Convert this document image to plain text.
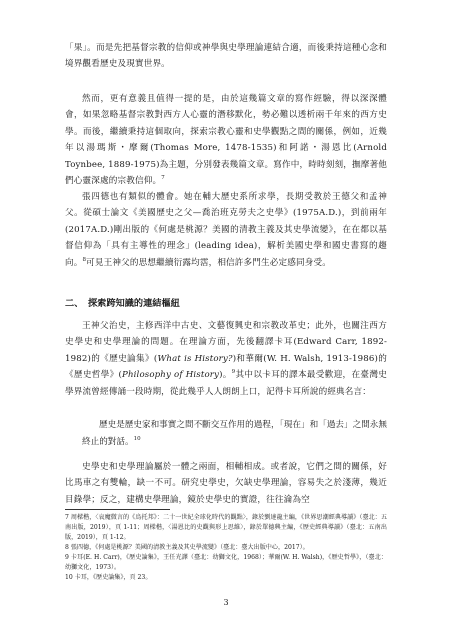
「果」。而是先把基督宗教的信仰或神學與史學理論連結合適，而後秉持這種心念和境界觀看歷史及現實世界。

然而，更有意義且值得一提的是，由於這幾篇文章的寫作經驗，得以深深體會，如果忽略基督宗教對西方人心靈的潛移默化，勢必難以透析兩千年來的西方史學。而後，繼續秉持這個取向，探索宗教心靈和史學觀點之間的關係，例如，近幾年以湯瑪斯・摩爾(Thomas More, 1478-1535)和阿諾・湯恩比(Arnold Toynbee, 1889-1975)為主題，分別發表幾篇文章。寫作中，時時刻刻，撫摩著他們心靈深處的宗教信仰。$^7$

張四德也有類似的體會。她在輔大歷史系所求學，長期受教於王德父和孟神父。從碩士論文《美國歷史之父—喬治班克勞夫之史學》(1975A.D.)，到前兩年(2017A.D.)剛出版的《何處是桃源？美國的清教主義及其史學流變》，在在都以基督信仰為「具有主導性的理念」(leading idea)，解析美國史學和國史書寫的趨向。$^8$可見王神父的思想繼續衍露均霑，相信許多門生必定感同身受。

二、　探索跨知識的連結樞紐

王神父治史，主修西洋中古史、文藝復興史和宗教改革史；此外，也關注西方史學史和史學理論的問題。在理論方面，先後翻譯卡耳(Edward Carr, 1892-1982)的《歷史論集》(What is History?)和華爾(W. H. Walsh, 1913-1986)的《歷史哲學》(Philosophy of History)。$^9$其中以卡耳的譯本最受歡迎，在臺灣史學界流曾經傳誦一段時期，從此幾乎人人朗朗上口，記得卡耳所說的經典名言：

歷史是歷史家和事實之間不斷交互作用的過程，「現在」和「過去」之間永無終止的對話。$^{10}$

史學史和史學理論屬於一體之兩面，相輔相成。或者說，它們之間的關係，好比馬車之有雙輪，缺一不可。研究史學史，欠缺史學理論，容易失之於淺薄，幾近目錄學；反之，建構史學理論，鏡於史學史的實證，往往淪為空

7 周樑楷，〈哀魔微言的《烏托邦》：二十一世紀全球化時代的觀點〉，錄於劉達龍主編，《世界思潮經典導讀》（臺北：五南出版，2019），頁 1-11；周樑楷，〈湯恩比的史觀與形上思維〉，錄於單德興主編，《歷史經典導讀》（臺北：五南出版，2019），頁 1-12。

8 張四德，《何處是桃源？美國的清教主義及其史學流變》（臺北：臺大出版中心，2017）。

9 卡耳(E. H. Carr)，《歷史論集》，王任光譯（臺北：幼獅文化，1968）；華爾(W. H. Walsh)，《歷史哲學》，（臺北：幼獅文化，1973）。

10 卡耳，《歷史論集》，頁 23。

3
